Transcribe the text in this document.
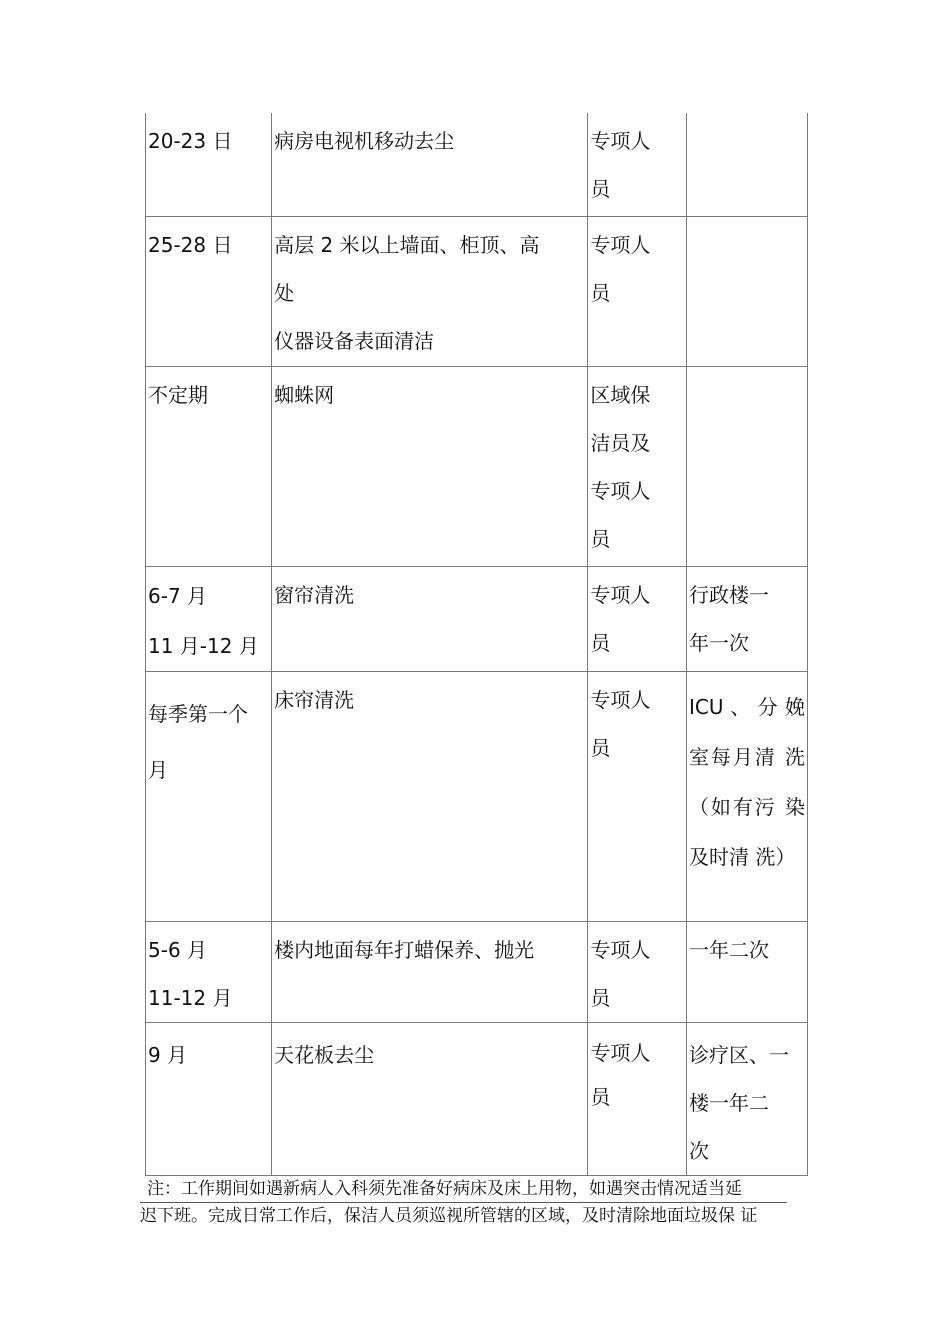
20-23 日	病房电视机移动去尘	专项人
员	

25-28 日	高层 2 米以上墙面、柜顶、高
处
仪器设备表面清洁	专项人
员	

不定期	蜘蛛网	区域保
洁员及
专项人
员	

6-7 月
11 月-12 月	窗帘清洗	专项人
员	行政楼一
年一次

每季第一个
月	床帘清洗	专项人
员	ICU 、 分 娩
室每月清 洗
（如有污 染
及时清 洗）

5-6 月
11-12 月	楼内地面每年打蜡保养、抛光	专项人
员	一年二次

9 月	天花板去尘	专项人
员	诊疗区、一
楼一年二
次
注：工作期间如遇新病人入科须先准备好病床及床上用物，如遇突击情况适当延
迟下班。完成日常工作后，保洁人员须巡视所管辖的区域，及时清除地面垃圾保 证
